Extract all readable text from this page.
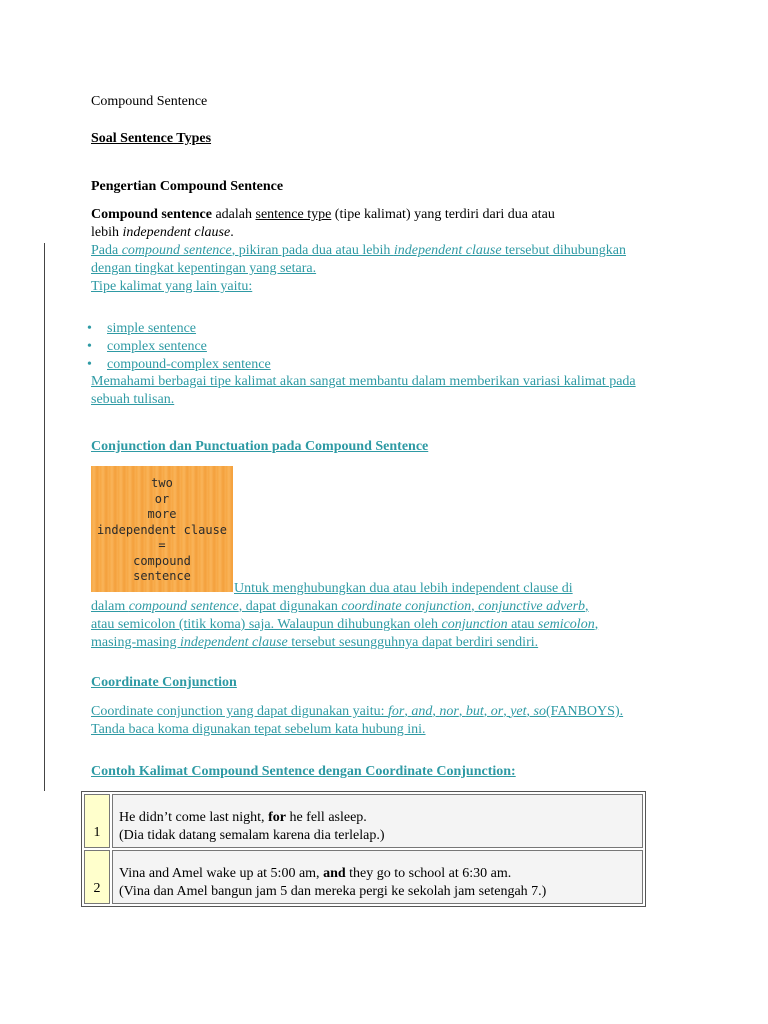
Compound Sentence
Soal Sentence Types
Pengertian Compound Sentence
Compound sentence adalah sentence type (tipe kalimat) yang terdiri dari dua atau
lebih independent clause.
Pada compound sentence, pikiran pada dua atau lebih independent clause tersebut dihubungkan
dengan tingkat kepentingan yang setara.
Tipe kalimat yang lain yaitu:
• simple sentence
• complex sentence
• compound-complex sentence
Memahami berbagai tipe kalimat akan sangat membantu dalam memberikan variasi kalimat pada
sebuah tulisan.
Conjunction dan Punctuation pada Compound Sentence
two
or
more
independent clause
=
compound
sentence
Untuk menghubungkan dua atau lebih independent clause di
dalam compound sentence, dapat digunakan coordinate conjunction, conjunctive adverb,
atau semicolon (titik koma) saja. Walaupun dihubungkan oleh conjunction atau semicolon,
masing-masing independent clause tersebut sesungguhnya dapat berdiri sendiri.
Coordinate Conjunction
Coordinate conjunction yang dapat digunakan yaitu: for, and, nor, but, or, yet, so(FANBOYS).
Tanda baca koma digunakan tepat sebelum kata hubung ini.
Contoh Kalimat Compound Sentence dengan Coordinate Conjunction:
1	He didn’t come last night, for he fell asleep.
(Dia tidak datang semalam karena dia terlelap.)

2	Vina and Amel wake up at 5:00 am, and they go to school at 6:30 am.
(Vina dan Amel bangun jam 5 dan mereka pergi ke sekolah jam setengah 7.)
